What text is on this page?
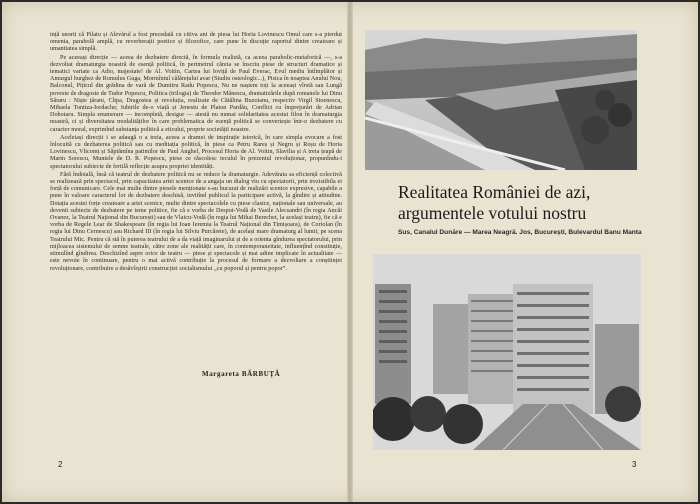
ință unorii că Pilatu și Alevărul a fost precedată cu citiva ani de piesa lui Horia Lovinescu Omul care s-a pierdut omenia, parabolă amplă, cu reverberații poetice și filozofice, care pune în discuție raportul dintre creatoare și umanitatea simplă.

Pe aceeași direcție — aceea de dezbatere directă, în formula realistă, ca aceea parabolic-metaforică —, s-a dezvoltat dramaturgia noastră de esență politică, în perimetrul căreia se înscriu piese de structuri dramatice și tematici variate ca Adio, majestate! de Al. Voitin, Cartea lui Ioviță de Paul Everac, Evul mediu întîmplător și Amurgul burghez de Romulus Guga, Mormîntul călărețului avar (Studiu osteologic...), Pisica în noaptea Anului Nou, Balconul, Pițicul din grădina de vară de Dumitru Radu Popescu, Nu ne naștem toți la aceeași vîrstă sau Lungă poveste de dragoste de Tudor Popescu, Politica (trilogia) de Theodor Mănescu, dramatizările după romanele lui Dinu Săraru : Niște țărani, Clipa, Dragostea și revoluția, realizate de Cătălina Buzoianu, respectiv Virgil Stoenescu, Mihaela Tonitza-Iordache; Iubirile de-o viață și Jenestu de Platon Pardău, Conflict cu împrejurări de Adrian Dohotaru. Simpla enumerare — incompletă, desigur — atestă nu numai solidaritatea acestui filon în dramaturgia noastră, ci și diversitatea modalităților în care problematica de esență politică se convertește într-o dezbatere cu caracter moral, exprimînd substanța politică a eticului, proprie societății noastre.

Aceleiași direcții i se adaugă o a treia, aceea a dramei de inspirație istorică, în care simpla evocare a fost înlocuită cu dezbaterea politică sau cu meditația politică, în piese ca Petru Rareș și Negru și Roșu de Horia Lovinescu, Vlicomț și Săptămîna patimilor de Paul Anghel, Procesul Horia de Al. Voitin, Slavilia și A treia țeapă de Marin Sorescu, Muntele de D. R. Popescu, piese ce răscolesc teculul în prezentul revoluționar, propunîndu-i spectatorului subiecte de fertilă reflecție asupra propriei identități.

Fără îndoială, însă că teatrul de dezbatere politică nu se reduce la dramaturgie. Adevărata sa eficiență colectivă se realizează prin spectacol, prin capacitatea artei scenice de a angaja un dialog viu cu spectatorii, prin irezistibila ei forță de comunicare. Cele mai multe dintre piesele menționate s-au bucurat de realizări scenice expresive, capabile a pune în valoare caracterul lor de dezbatere deschisă, invitînd publicul la participare activă, la gîndire și atitudine. Dotația acestei forțe creatoare a artei scenice, multe dintre spectacolele cu piese clasice, naționale sau universale, au devenit subiecte de dezbatere pe teme politice, fie că e vorba de Despot-Vodă de Vasile Alecsandri (în regia Ancăi Ovanez, la Teatrul Național din București) sau de Vlaicu-Vodă (în regia lui Mihai Berechet, la același teatru), fie că e vorba de Regele Lear de Shakespeare (în regia lui Ioan Ieremia la Teatrul Național din Timișoara), de Coriolan (în regia lui Dinu Cernescu) sau Richard III (în regia lui Silviu Purcărete), de același mare dramaturg al lumii, pe scena Teatrului Mic. Pentru că stă în puterea teatrului de a da viață imaginarului și de a orienta gîndurea spectatorului, prin mijloacea sistemului de semne teatrale, către zone ale realității care, în contemporaneitate, influențînd constituție, stimulînd gîndirea. Deschizînd aspre orice de teatru — piese și spectacole și mai adine implicate în actualitate — este nevoie în continuare, pentru o mai activă contribuție la procesul de formare a dezvoltare a conștiinței revoluționare, contribuire a desăvîrșirii construcției socialismului „cu poporul și pentru popor”.

Margareta BĂRBUȚĂ
Realitatea României de azi,
argumentele votului nostru
Sus, Canalul Dunăre — Marea Neagră. Jos, București, Bulevardul Banu Manta
2	3
